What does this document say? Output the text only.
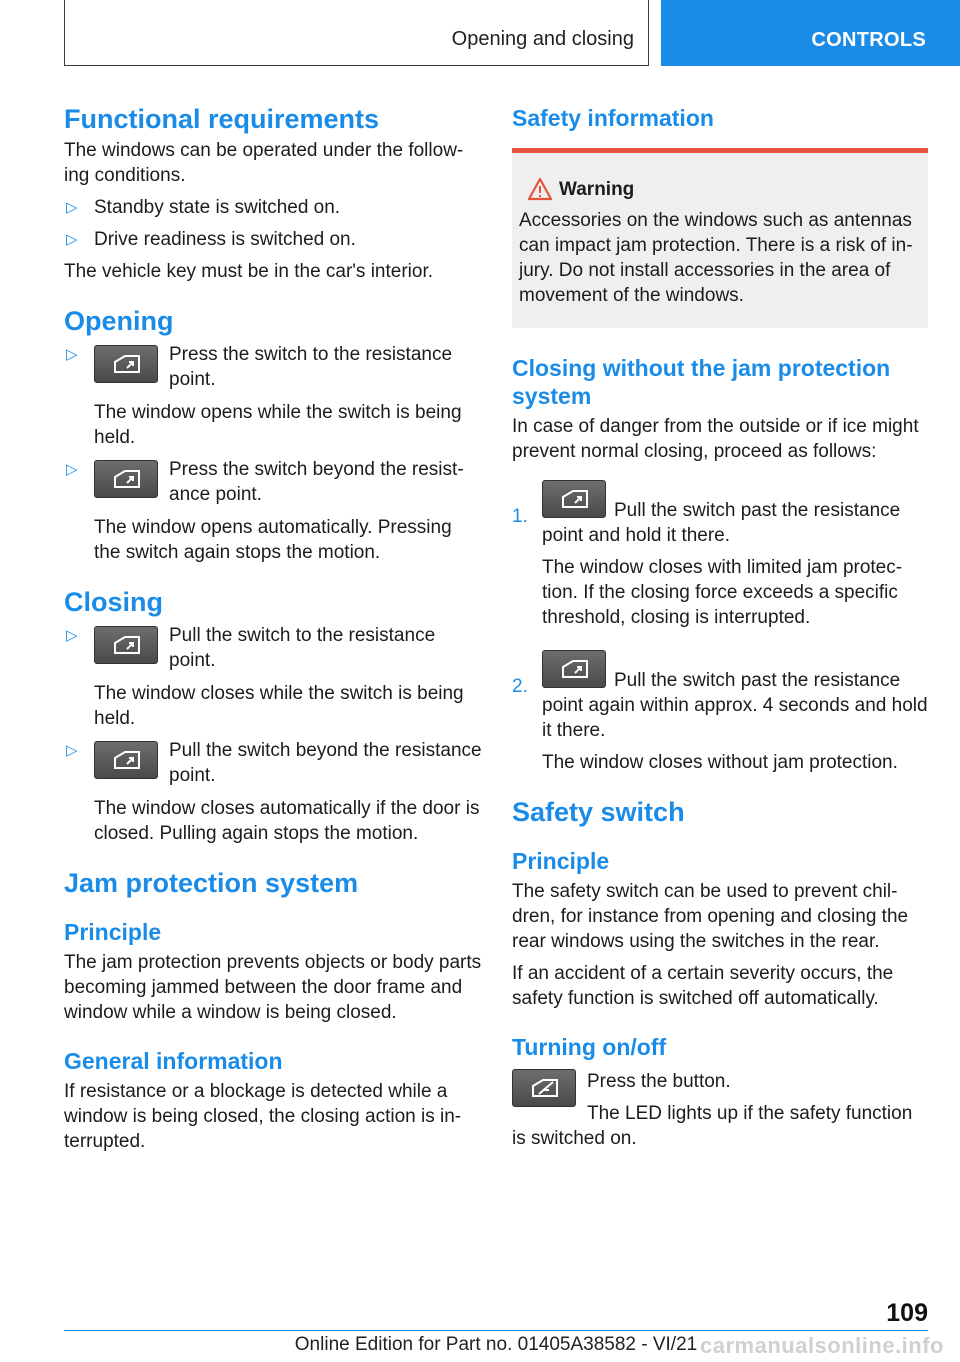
Opening and closing	CONTROLS
Functional requirements

The windows can be operated under the following conditions.

▷ Standby state is switched on.
▷ Drive readiness is switched on.

The vehicle key must be in the car's interior.

Opening
▷	Press the switch to the resistance point.
The window opens while the switch is being held.
▷	Press the switch beyond the resistance point.
The window opens automatically. Pressing the switch again stops the motion.
Closing
▷	Pull the switch to the resistance point.
The window closes while the switch is being held.
▷	Pull the switch beyond the resistance point.
The window closes automatically if the door is closed. Pulling again stops the motion.
Jam protection system
Principle

The jam protection prevents objects or body parts becoming jammed between the door frame and window while a window is being closed.

General information

If resistance or a blockage is detected while a window is being closed, the closing action is interrupted.

Safety information
Warning
Accessories on the windows such as antennas can impact jam protection. There is a risk of injury. Do not install accessories in the area of movement of the windows.
Closing without the jam protection system

In case of danger from the outside or if ice might prevent normal closing, proceed as follows:

1.	Pull the switch past the resistance point and hold it there.

The window closes with limited jam protection. If the closing force exceeds a specific threshold, closing is interrupted.

2.	Pull the switch past the resistance point again within approx. 4 seconds and hold it there.

The window closes without jam protection.

Safety switch
Principle

The safety switch can be used to prevent children, for instance from opening and closing the rear windows using the switches in the rear.

If an accident of a certain severity occurs, the safety function is switched off automatically.

Turning on/off

Press the button.

The LED lights up if the safety function is switched on.

109
Online Edition for Part no. 01405A38582 - VI/21 carmanualsonline.info
